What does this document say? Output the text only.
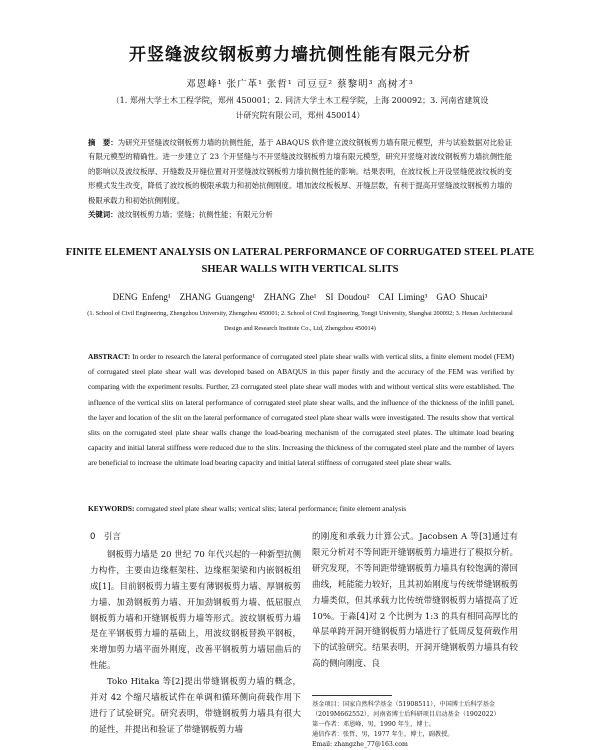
开竖缝波纹钢板剪力墙抗侧性能有限元分析
邓恩峰¹ 张广革¹ 张哲¹ 司豆豆² 蔡黎明³ 高树才³
（1. 郑州大学土木工程学院，郑州 450001；2. 同济大学土木工程学院，上海 200092；3. 河南省建筑设计研究院有限公司，郑州 450014）
摘　要：为研究开竖缝波纹钢板剪力墙的抗侧性能，基于 ABAQUS 软件建立波纹钢板剪力墙有限元模型，并与试验数据对比验证有限元模型的精确性。进一步建立了 23 个开竖缝与不开竖缝波纹钢板剪力墙有限元模型，研究开竖缝对波纹钢板剪力墙抗侧性能的影响以及波纹板厚、开缝数及开缝位置对开竖缝波纹钢板剪力墙抗侧性能的影响。结果表明，在波纹板上开设竖缝使波纹板的变形模式发生改变，降低了波纹板的极限承载力和初始抗侧刚度。增加波纹板板厚、开缝层数，有利于提高开竖缝波纹钢板剪力墙的极限承载力和初始抗侧刚度。
关键词：波纹钢板剪力墙；竖缝；抗侧性能；有限元分析
FINITE ELEMENT ANALYSIS ON LATERAL PERFORMANCE OF CORRUGATED STEEL PLATE SHEAR WALLS WITH VERTICAL SLITS
DENG Enfeng¹　ZHANG Guangeng¹　ZHANG Zhe¹　SI Doudou²　CAI Liming³　GAO Shucai³
(1. School of Civil Engineering, Zhengzhou University, Zhengzhou 450001; 2. School of Civil Engineering, Tongji University, Shanghai 200092; 3. Henan Architectural Design and Research Institute Co., Ltd, Zhengzhou 450014)
ABSTRACT: In order to research the lateral performance of corrugated steel plate shear walls with vertical slits, a finite element model (FEM) of corrugated steel plate shear wall was developed based on ABAQUS in this paper firstly and the accuracy of the FEM was verified by comparing with the experiment results. Further, 23 corrugated steel plate shear wall modes with and without vertical slits were established. The influence of the vertical slits on lateral performance of corrugated steel plate shear walls, and the influence of the thickness of the infill panel, the layer and location of the slit on the lateral performance of corrugated steel plate shear walls were investigated. The results show that vertical slits on the corrugated steel plate shear walls change the load-bearing mechanism of the corrugated steel plates. The ultimate load bearing capacity and initial lateral stiffness were reduced due to the slits. Increasing the thickness of the corrugated steel plate and the number of layers are beneficial to increase the ultimate load bearing capacity and initial lateral stiffness of corrugated steel plate shear walls.
KEYWORDS: corrugated steel plate shear walls; vertical slits; lateral performance; finite element analysis
0　引言

钢板剪力墙是 20 世纪 70 年代兴起的一种新型抗侧力构件，主要由边缘框架柱、边缘框架梁和内嵌钢板组成[1]。目前钢板剪力墙主要有薄钢板剪力墙、厚钢板剪力墙、加劲钢板剪力墙、开加劲钢板剪力墙、低屈服点钢板剪力墙和开缝钢板剪力墙等形式。波纹钢板剪力墙是在平钢板剪力墙的基础上，用波纹钢板替换平钢板，来增加剪力墙平面外刚度，改善平钢板剪力墙屈曲后的性能。

Toko Hitaka 等[2]提出带缝钢板剪力墙的概念，并对 42 个缩尺墙板试件在单调和循环侧向荷载作用下进行了试验研究。研究表明，带缝钢板剪力墙具有很大的延性，并提出和验证了带缝钢板剪力墙

的刚度和承载力计算公式。Jacobsen A 等[3]通过有限元分析对不等间距开缝钢板剪力墙进行了模拟分析。研究发现，不等间距带缝钢板剪力墙具有较饱满的滞回曲线，耗能能力较好，且其初始刚度与传统带缝钢板剪力墙类似，但其承载力比传统带缝钢板剪力墙提高了近 10%。于淼[4]对 2 个比例为 1:3 的具有相同高厚比的单层单跨开洞开缝钢板剪力墙进行了低周反复荷载作用下的试验研究。结果表明，开洞开缝钢板剪力墙具有较高的侧向刚度、良

基金项目：国家自然科学基金（51908511），中国博士后科学基金（2019M662552），河南省博士后科研项目启动基金（1902022）
第一作者：邓恩峰，男，1990 年生，博士。
通信作者：张哲，男，1977 年生，博士，副教授。
Email: zhangzhe_77@163.com
